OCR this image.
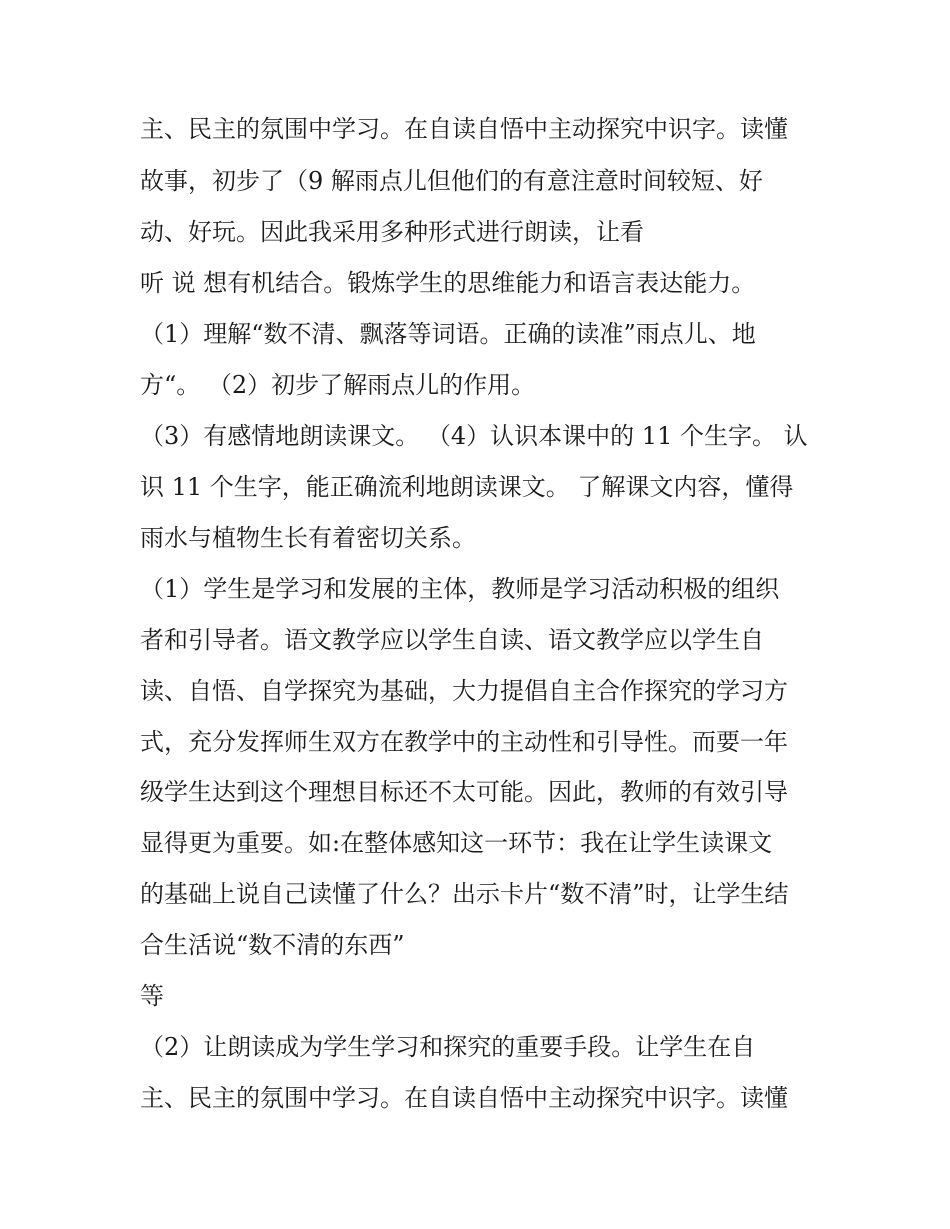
主、民主的氛围中学习。在自读自悟中主动探究中识字。读懂
故事，初步了（9 解雨点儿但他们的有意注意时间较短、好
动、好玩。因此我采用多种形式进行朗读，让看
听 说 想有机结合。锻炼学生的思维能力和语言表达能力。
（1）理解“数不清、飘落等词语。正确的读准”雨点儿、地
方“。 （2）初步了解雨点儿的作用。
（3）有感情地朗读课文。 （4）认识本课中的 11 个生字。 认
识 11 个生字，能正确流利地朗读课文。 了解课文内容，懂得
雨水与植物生长有着密切关系。
（1）学生是学习和发展的主体，教师是学习活动积极的组织
者和引导者。语文教学应以学生自读、语文教学应以学生自
读、自悟、自学探究为基础，大力提倡自主合作探究的学习方
式，充分发挥师生双方在教学中的主动性和引导性。而要一年
级学生达到这个理想目标还不太可能。因此，教师的有效引导
显得更为重要。如:在整体感知这一环节：我在让学生读课文
的基础上说自己读懂了什么？出示卡片“数不清”时，让学生结
合生活说“数不清的东西”
等
（2）让朗读成为学生学习和探究的重要手段。让学生在自
主、民主的氛围中学习。在自读自悟中主动探究中识字。读懂
